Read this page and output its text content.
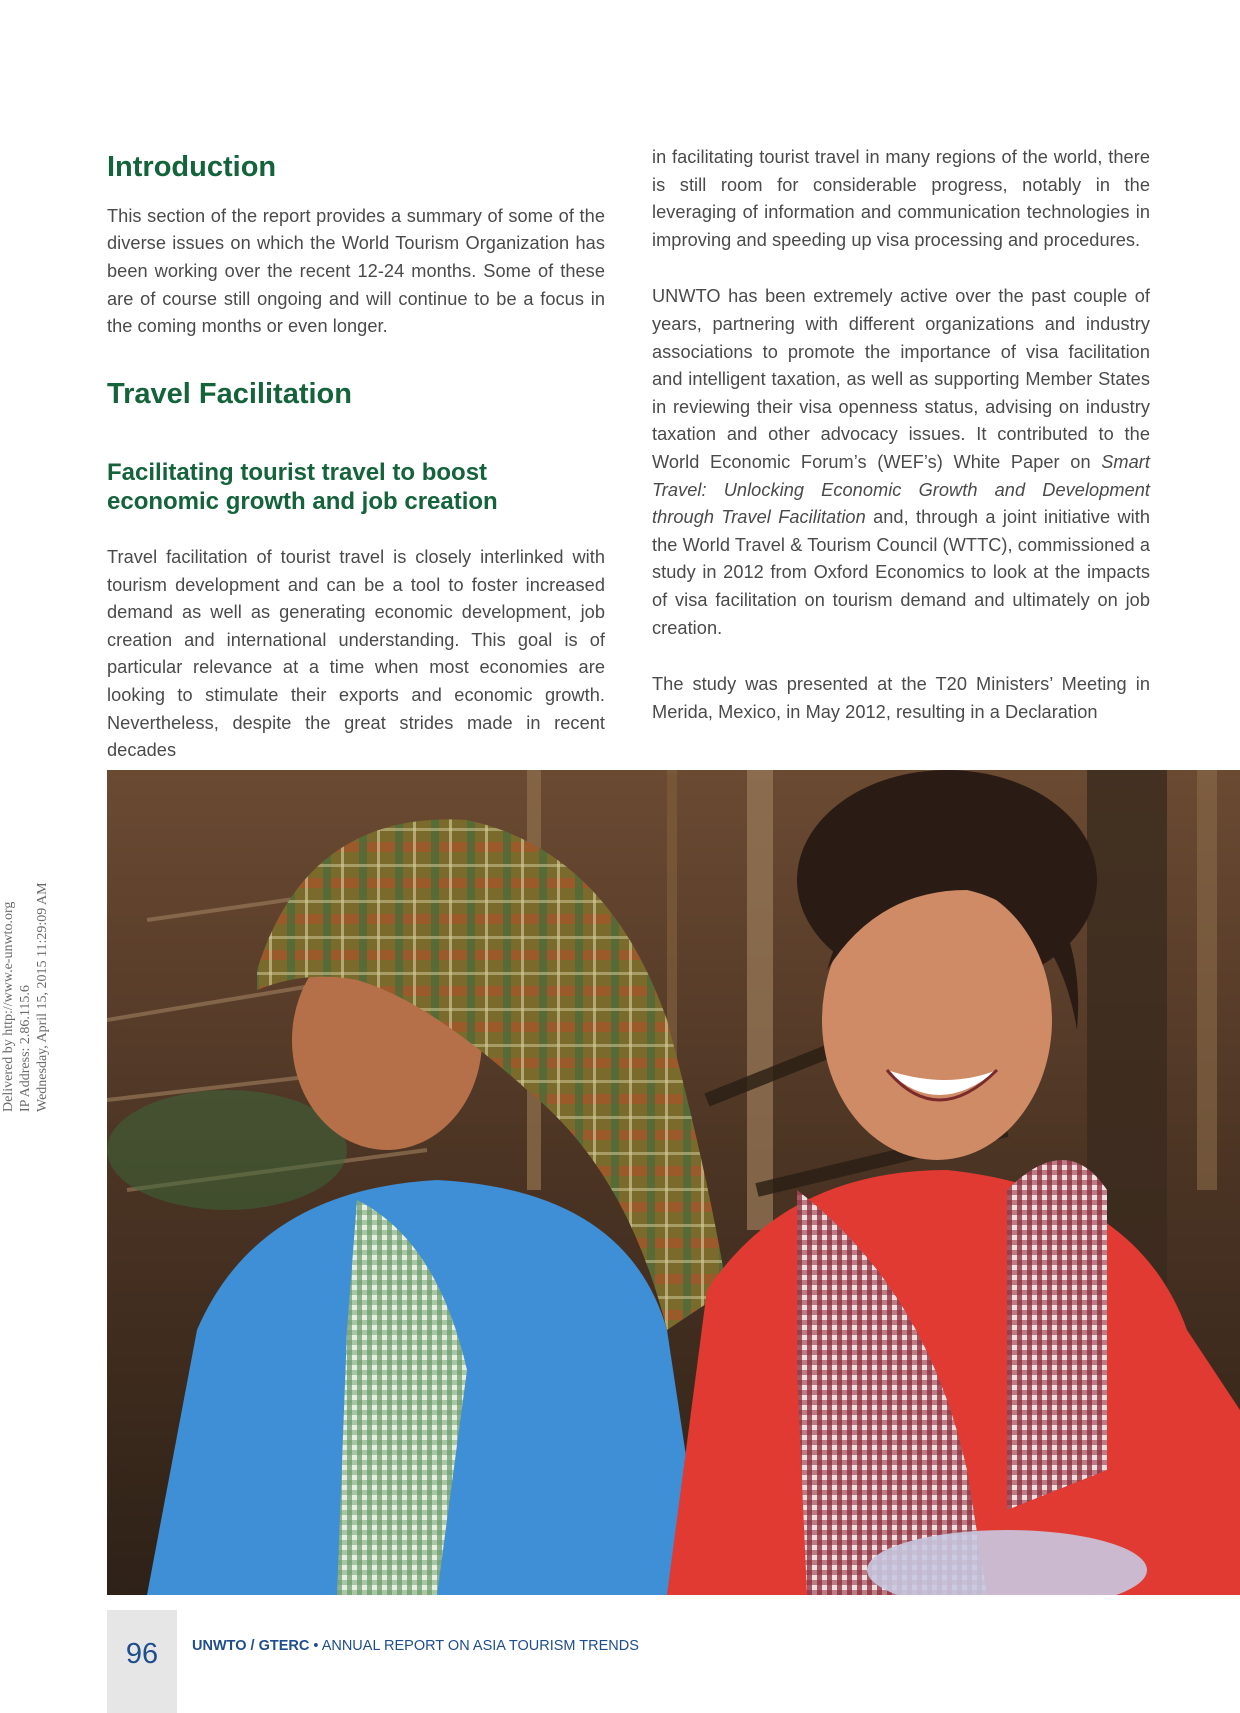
Introduction

This section of the report provides a summary of some of the diverse issues on which the World Tourism Organization has been working over the recent 12-24 months. Some of these are of course still ongoing and will continue to be a focus in the coming months or even longer.

Travel Facilitation
Facilitating tourist travel to boost economic growth and job creation

Travel facilitation of tourist travel is closely interlinked with tourism development and can be a tool to foster increased demand as well as generating economic development, job creation and international understanding. This goal is of particular relevance at a time when most economies are looking to stimulate their exports and economic growth. Nevertheless, despite the great strides made in recent decades

in facilitating tourist travel in many regions of the world, there is still room for considerable progress, notably in the leveraging of information and communication technologies in improving and speeding up visa processing and procedures.

UNWTO has been extremely active over the past couple of years, partnering with different organizations and industry associations to promote the importance of visa facilitation and intelligent taxation, as well as supporting Member States in reviewing their visa openness status, advising on industry taxation and other advocacy issues. It contributed to the World Economic Forum’s (WEF’s) White Paper on Smart Travel: Unlocking Economic Growth and Development through Travel Facilitation and, through a joint initiative with the World Travel & Tourism Council (WTTC), commissioned a study in 2012 from Oxford Economics to look at the impacts of visa facilitation on tourism demand and ultimately on job creation.

The study was presented at the T20 Ministers’ Meeting in Merida, Mexico, in May 2012, resulting in a Declaration

Delivered by http://www.e-unwto.org IP Address: 2.86.115.6 Wednesday, April 15, 2015 11:29:09 AM
96	UNWTO / GTERC • ANNUAL REPORT ON ASIA TOURISM TRENDS
